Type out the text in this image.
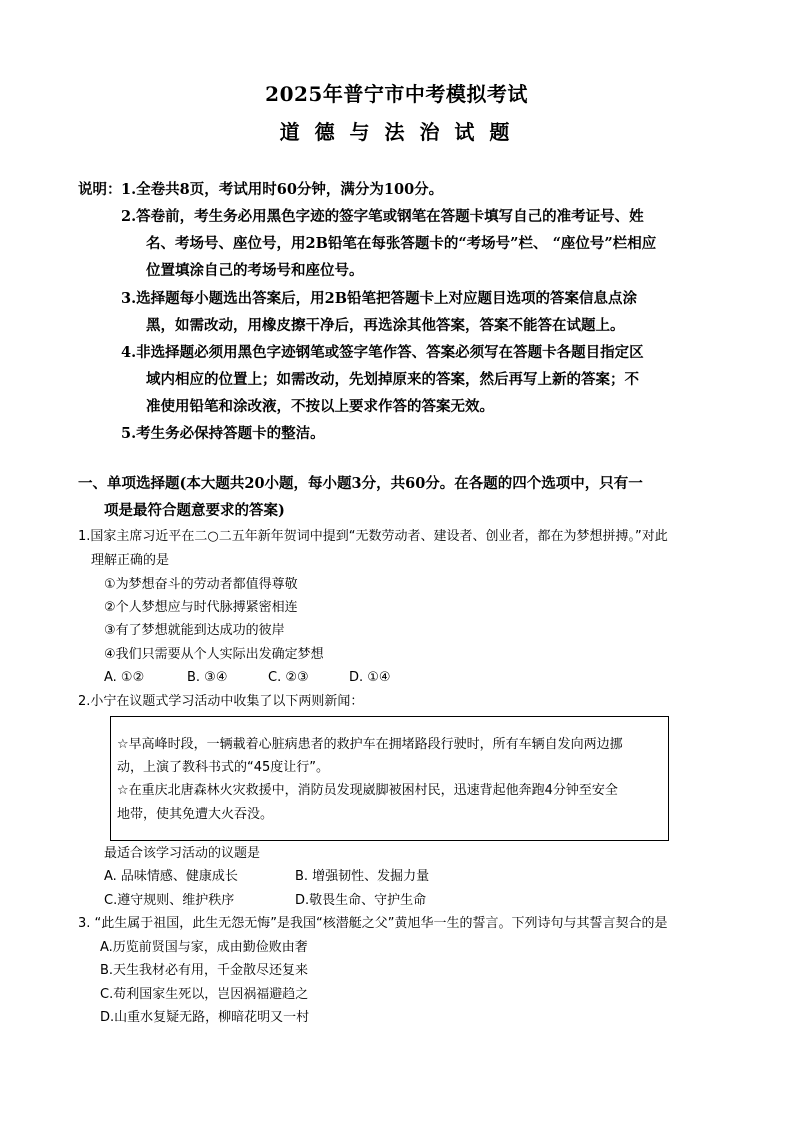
2025年普宁市中考模拟考试
道 德 与 法 治 试 题
说明： 1.全卷共8页，考试用时60分钟，满分为100分。
2.答卷前，考生务必用黑色字迹的签字笔或钢笔在答题卡填写自己的准考证号、姓
名、考场号、座位号，用2B铅笔在每张答题卡的“考场号”栏、 “座位号”栏相应
位置填涂自己的考场号和座位号。
3.选择题每小题选出答案后，用2B铅笔把答题卡上对应题目选项的答案信息点涂
黑，如需改动，用橡皮擦干净后，再选涂其他答案，答案不能答在试题上。
4.非选择题必须用黑色字迹钢笔或签字笔作答、答案必须写在答题卡各题目指定区
域内相应的位置上；如需改动，先划掉原来的答案，然后再写上新的答案；不
准使用铅笔和涂改液，不按以上要求作答的答案无效。
5.考生务必保持答题卡的整洁。
一、单项选择题(本大题共20小题，每小题3分，共60分。在各题的四个选项中，只有一
项是最符合题意要求的答案)
1.国家主席习近平在二○二五年新年贺词中提到“无数劳动者、建设者、创业者，都在为梦想拼搏。”对此
理解正确的是
①为梦想奋斗的劳动者都值得尊敬
②个人梦想应与时代脉搏紧密相连
③有了梦想就能到达成功的彼岸
④我们只需要从个人实际出发确定梦想
A. ①②	B. ③④	C. ②③	D. ①④
2.小宁在议题式学习活动中收集了以下两则新闻：
☆早高峰时段，一辆載着心脏病患者的救护车在拥堵路段行驶时，所有车辆自发向两边挪
动，上演了教科书式的“45度让行”。
☆在重庆北唐森林火灾救援中，消防员发现崴脚被困村民，迅速背起他奔跑4分钟至安全
地带，使其免遭大火吞没。
最适合该学习活动的议题是
A. 品味情感、健康成长	B. 增强韧性、发掘力量
C.遵守规则、维护秩序	D.敬畏生命、守护生命
3. “此生属于祖国，此生无怨无悔”是我国“核潜艇之父”黄旭华一生的誓言。下列诗句与其誓言契合的是
A.历览前贤国与家，成由勤俭败由奢
B.天生我材必有用，千金散尽还复来
C.苟利国家生死以，岂因祸福避趋之
D.山重水复疑无路，柳暗花明又一村
